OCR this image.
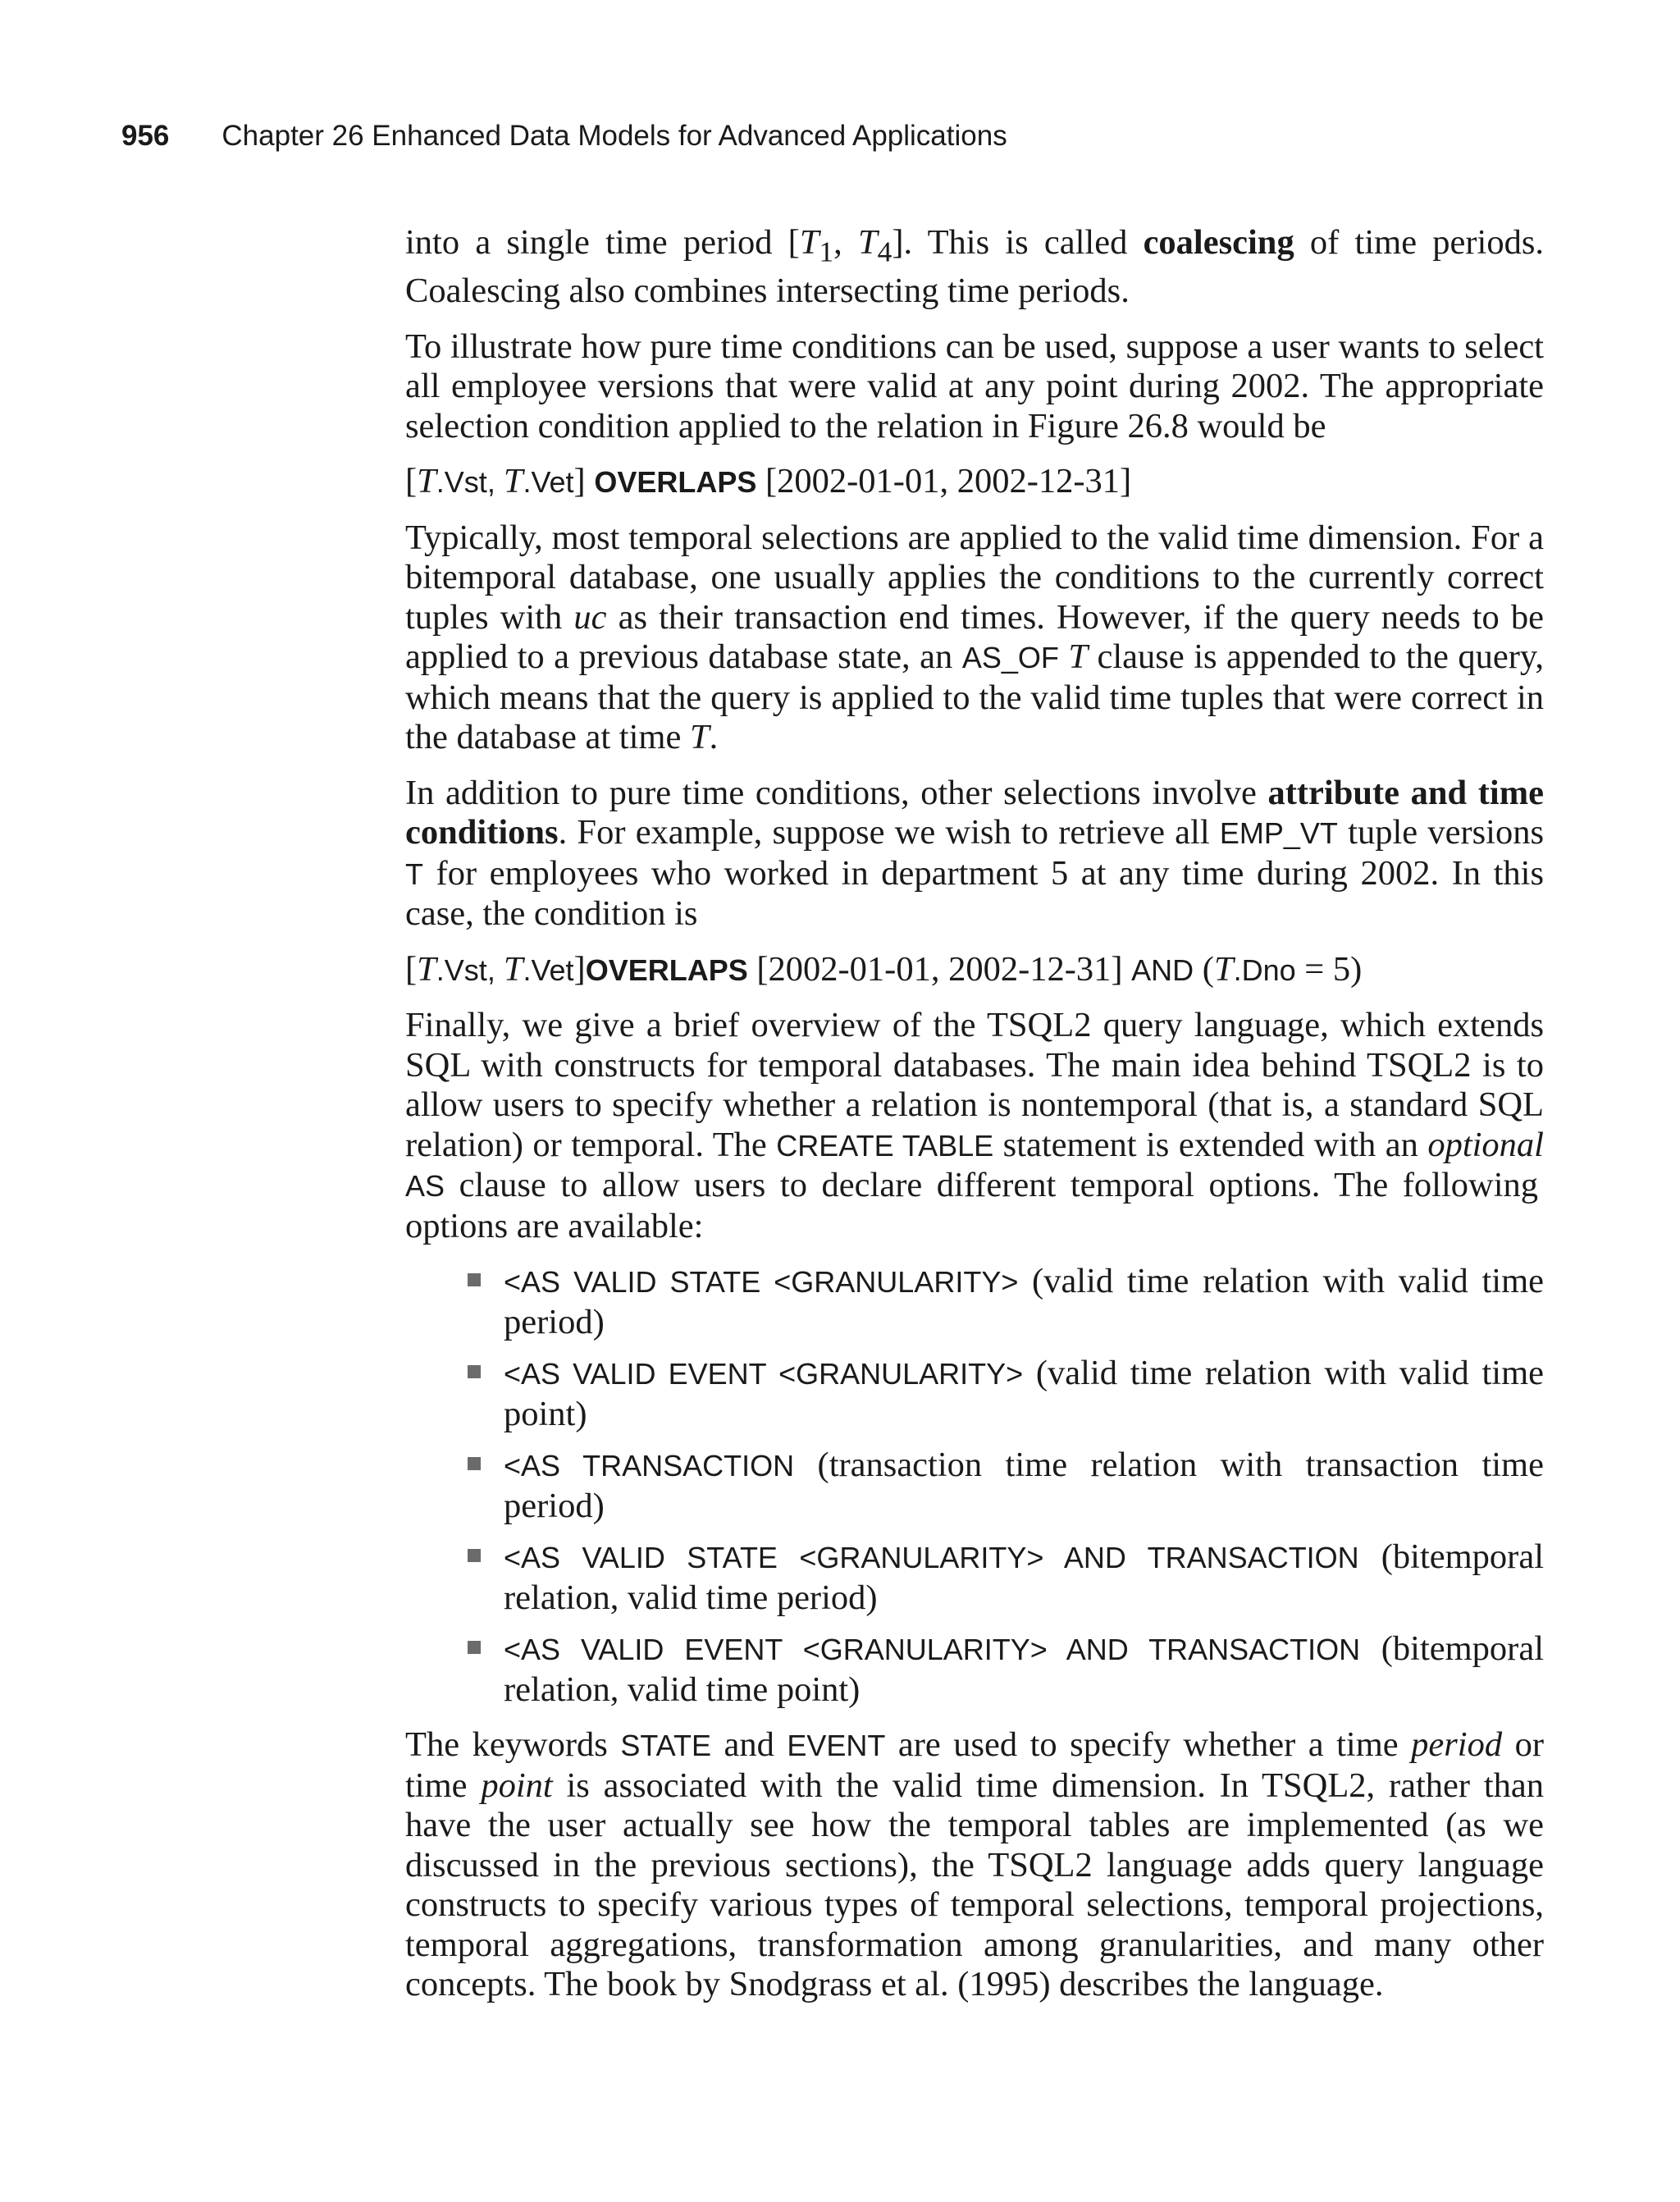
956 Chapter 26 Enhanced Data Models for Advanced Applications

into a single time period [$T_1$, $T_4$]. This is called coalescing of time periods. Coalescing also combines intersecting time periods.

To illustrate how pure time conditions can be used, suppose a user wants to select all employee versions that were valid at any point during 2002. The appropriate selection condition applied to the relation in Figure 26.8 would be

[T.Vst, T.Vet] OVERLAPS [2002-01-01, 2002-12-31]

Typically, most temporal selections are applied to the valid time dimension. For a bitemporal database, one usually applies the conditions to the currently correct tuples with uc as their transaction end times. However, if the query needs to be applied to a previous database state, an AS_OF T clause is appended to the query, which means that the query is applied to the valid time tuples that were correct in the database at time T.

In addition to pure time conditions, other selections involve attribute and time conditions. For example, suppose we wish to retrieve all EMP_VT tuple versions T for employees who worked in department 5 at any time during 2002. In this case, the condition is

[T.Vst, T.Vet]OVERLAPS [2002-01-01, 2002-12-31] AND (T.Dno = 5)

Finally, we give a brief overview of the TSQL2 query language, which extends SQL with constructs for temporal databases. The main idea behind TSQL2 is to allow users to specify whether a relation is nontemporal (that is, a standard SQL relation) or temporal. The CREATE TABLE statement is extended with an optional AS clause to allow users to declare different temporal options. The following options are available:

<AS VALID STATE <GRANULARITY> (valid time relation with valid time period)
<AS VALID EVENT <GRANULARITY> (valid time relation with valid time point)
<AS TRANSACTION (transaction time relation with transaction time period)
<AS VALID STATE <GRANULARITY> AND TRANSACTION (bitemporal relation, valid time period)
<AS VALID EVENT <GRANULARITY> AND TRANSACTION (bitemporal relation, valid time point)

The keywords STATE and EVENT are used to specify whether a time period or time point is associated with the valid time dimension. In TSQL2, rather than have the user actually see how the temporal tables are implemented (as we discussed in the previous sections), the TSQL2 language adds query language constructs to specify various types of temporal selections, temporal projections, temporal aggregations, transformation among granularities, and many other concepts. The book by Snodgrass et al. (1995) describes the language.
